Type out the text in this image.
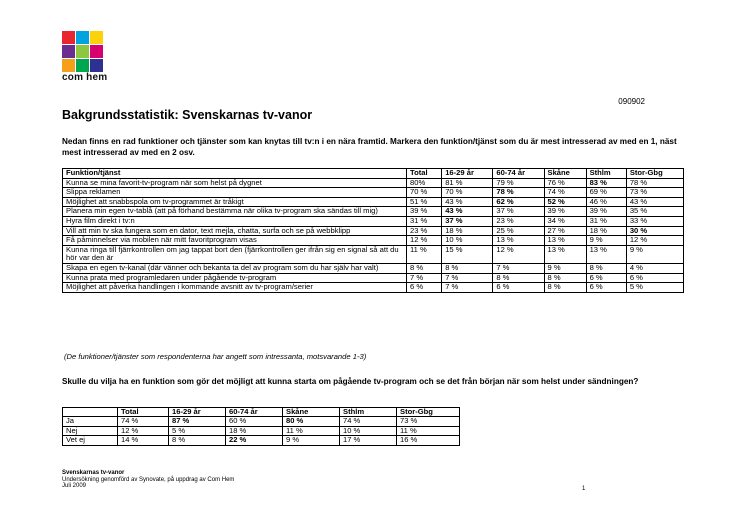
com hem
090902
Bakgrundsstatistik: Svenskarnas tv-vanor
Nedan finns en rad funktioner och tjänster som kan knytas till tv:n i en nära framtid. Markera den funktion/tjänst som du är mest intresserad av med en 1, näst mest intresserad av med en 2 osv.
Funktion/tjänst	Total	16-29 år	60-74 år	Skåne	Sthlm	Stor-Gbg
Kunna se mina favorit-tv-program när som helst på dygnet	80%	81 %	79 %	76 %	83 %	78 %
Slippa reklamen	70 %	70 %	78 %	74 %	69 %	73 %
Möjlighet att snabbspola om tv-programmet är tråkigt	51 %	43 %	62 %	52 %	46 %	43 %
Planera min egen tv-tablå (att på förhand bestämma när olika tv-program ska sändas till mig)	39 %	43 %	37 %	39 %	39 %	35 %
Hyra film direkt i tv:n	31 %	37 %	23 %	34 %	31 %	33 %
Vill att min tv ska fungera som en dator, text mejla, chatta, surfa och se på webbklipp	23 %	18 %	25 %	27 %	18 %	30 %
Få påminnelser via mobilen när mitt favoritprogram visas	12 %	10 %	13 %	13 %	9 %	12 %
Kunna ringa till fjärrkontrollen om jag tappat bort den (fjärrkontrollen ger ifrån sig en signal så att du hör var den är	11 %	15 %	12 %	13 %	13 %	9 %
Skapa en egen tv-kanal (där vänner och bekanta ta del av program som du har själv har valt)	8 %	8 %	7 %	9 %	8 %	4 %
Kunna prata med programledaren under pågående tv-program	7 %	7 %	8 %	8 %	6 %	6 %
Möjlighet att påverka handlingen i kommande avsnitt av tv-program/serier	6 %	7 %	6 %	8 %	6 %	5 %
(De funktioner/tjänster som respondenterna har angett som intressanta, motsvarande 1-3)
Skulle du vilja ha en funktion som gör det möjligt att kunna starta om pågående tv-program och se det från början när som helst under sändningen?
	Total	16-29 år	60-74 år	Skåne	Sthlm	Stor-Gbg
Ja	74 %	87 %	60 %	80 %	74 %	73 %
Nej	12 %	5 %	18 %	11 %	10 %	11 %
Vet ej	14 %	8 %	22 %	9 %	17 %	16 %
Svenskarnas tv-vanor
Undersökning genomförd av Synovate, på uppdrag av Com Hem
Juli 2009	1
